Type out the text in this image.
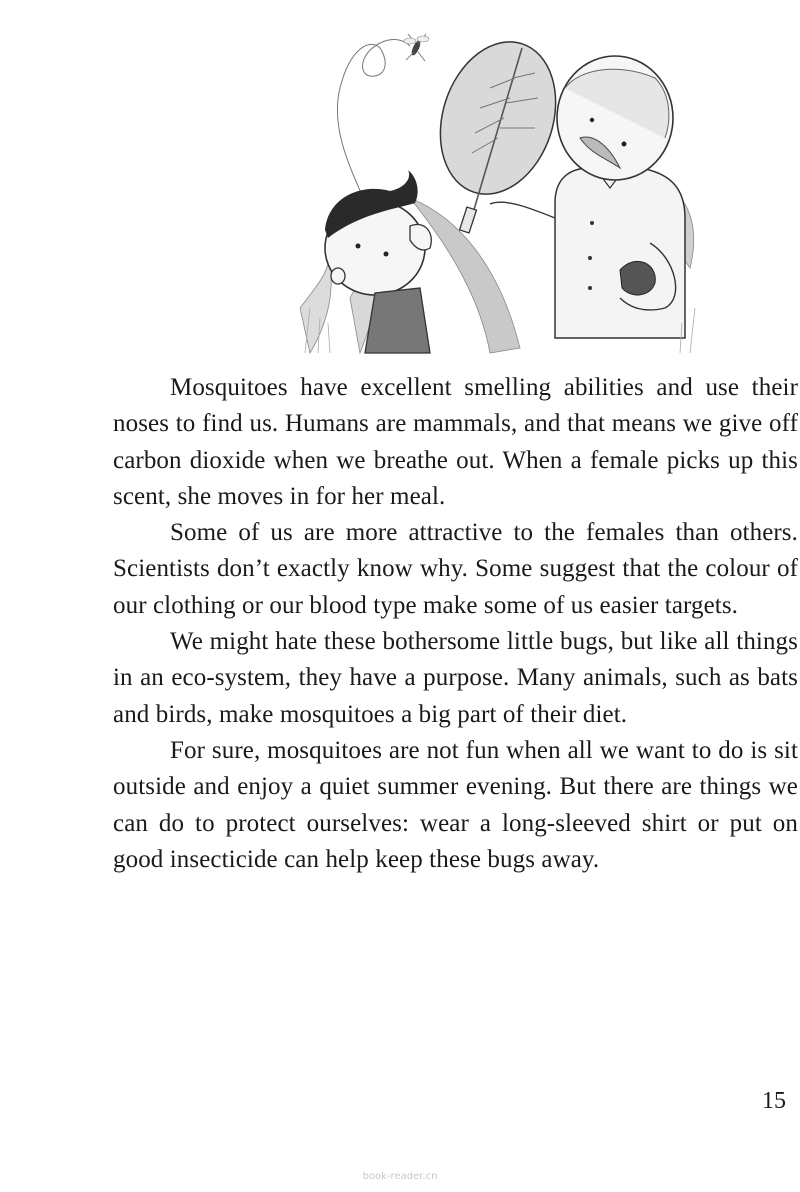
Mosquitoes have excellent smelling abilities and use their noses to find us. Humans are mammals, and that means we give off carbon dioxide when we breathe out. When a female picks up this scent, she moves in for her meal.

Some of us are more attractive to the females than others. Scientists don’t exactly know why. Some suggest that the colour of our clothing or our blood type make some of us easier targets.

We might hate these bothersome little bugs, but like all things in an eco-system, they have a purpose. Many animals, such as bats and birds, make mosquitoes a big part of their diet.

For sure, mosquitoes are not fun when all we want to do is sit outside and enjoy a quiet summer evening. But there are things we can do to protect ourselves: wear a long-sleeved shirt or put on good insecticide can help keep these bugs away.

15
book-reader.cn
